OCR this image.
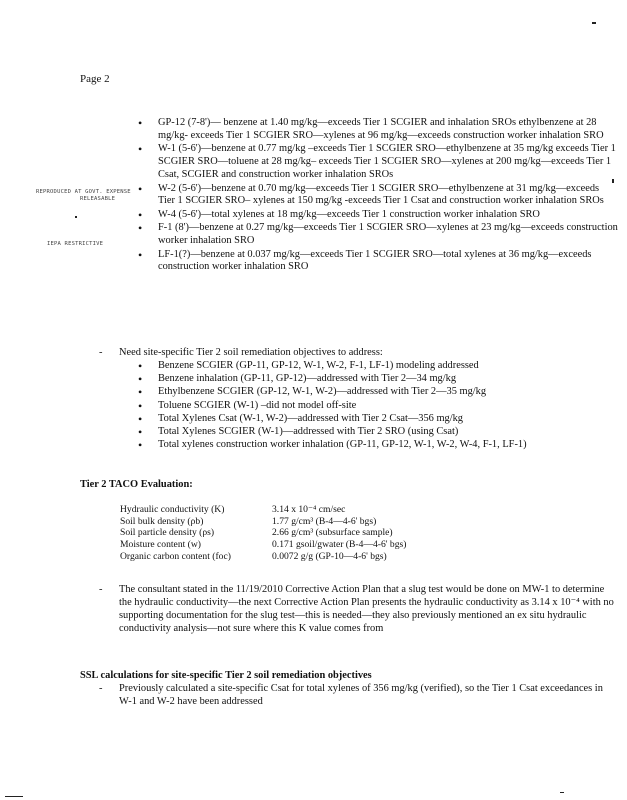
Page 2
REPRODUCED AT GOVT. EXPENSE
RELEASABLE
IEPA RESTRICTIVE
• GP-12 (7-8')— benzene at 1.40 mg/kg—exceeds Tier 1 SCGIER and inhalation SROs ethylbenzene at 28 mg/kg- exceeds Tier 1 SCGIER SRO—xylenes at 96 mg/kg—exceeds construction worker inhalation SRO
• W-1 (5-6')—benzene at 0.77 mg/kg –exceeds Tier 1 SCGIER SRO—ethylbenzene at 35 mg/kg exceeds Tier 1 SCGIER SRO—toluene at 28 mg/kg– exceeds Tier 1 SCGIER SRO—xylenes at 200 mg/kg—exceeds Tier 1 Csat, SCGIER and construction worker inhalation SROs
• W-2 (5-6')—benzene at 0.70 mg/kg—exceeds Tier 1 SCGIER SRO—ethylbenzene at 31 mg/kg—exceeds Tier 1 SCGIER SRO– xylenes at 150 mg/kg -exceeds Tier 1 Csat and construction worker inhalation SROs
• W-4 (5-6')—total xylenes at 18 mg/kg—exceeds Tier 1 construction worker inhalation SRO
• F-1 (8')—benzene at 0.27 mg/kg—exceeds Tier 1 SCGIER SRO—xylenes at 23 mg/kg—exceeds construction worker inhalation SRO
• LF-1(?)—benzene at 0.037 mg/kg—exceeds Tier 1 SCGIER SRO—total xylenes at 36 mg/kg—exceeds construction worker inhalation SRO
- Need site-specific Tier 2 soil remediation objectives to address:
• Benzene SCGIER (GP-11, GP-12, W-1, W-2, F-1, LF-1) modeling addressed
• Benzene inhalation (GP-11, GP-12)—addressed with Tier 2—34 mg/kg
• Ethylbenzene SCGIER (GP-12, W-1, W-2)—addressed with Tier 2—35 mg/kg
• Toluene SCGIER (W-1) –did not model off-site
• Total Xylenes Csat (W-1, W-2)—addressed with Tier 2 Csat—356 mg/kg
• Total Xylenes SCGIER (W-1)—addressed with Tier 2 SRO (using Csat)
• Total xylenes construction worker inhalation (GP-11, GP-12, W-1, W-2, W-4, F-1, LF-1)
Tier 2 TACO Evaluation:
Hydraulic conductivity (K)	3.14 x 10⁻⁴ cm/sec
Soil bulk density (ρb)	1.77 g/cm³ (B-4—4-6' bgs)
Soil particle density (ρs)	2.66 g/cm³ (subsurface sample)
Moisture content (w)	0.171 gsoil/gwater (B-4—4-6' bgs)
Organic carbon content (foc)	0.0072 g/g (GP-10—4-6' bgs)
- The consultant stated in the 11/19/2010 Corrective Action Plan that a slug test would be done on MW-1 to determine the hydraulic conductivity—the next Corrective Action Plan presents the hydraulic conductivity as 3.14 x 10⁻⁴ with no supporting documentation for the slug test—this is needed—they also previously mentioned an ex situ hydraulic conductivity analysis—not sure where this K value comes from
SSL calculations for site-specific Tier 2 soil remediation objectives
- Previously calculated a site-specific Csat for total xylenes of 356 mg/kg (verified), so the Tier 1 Csat exceedances in W-1 and W-2 have been addressed
